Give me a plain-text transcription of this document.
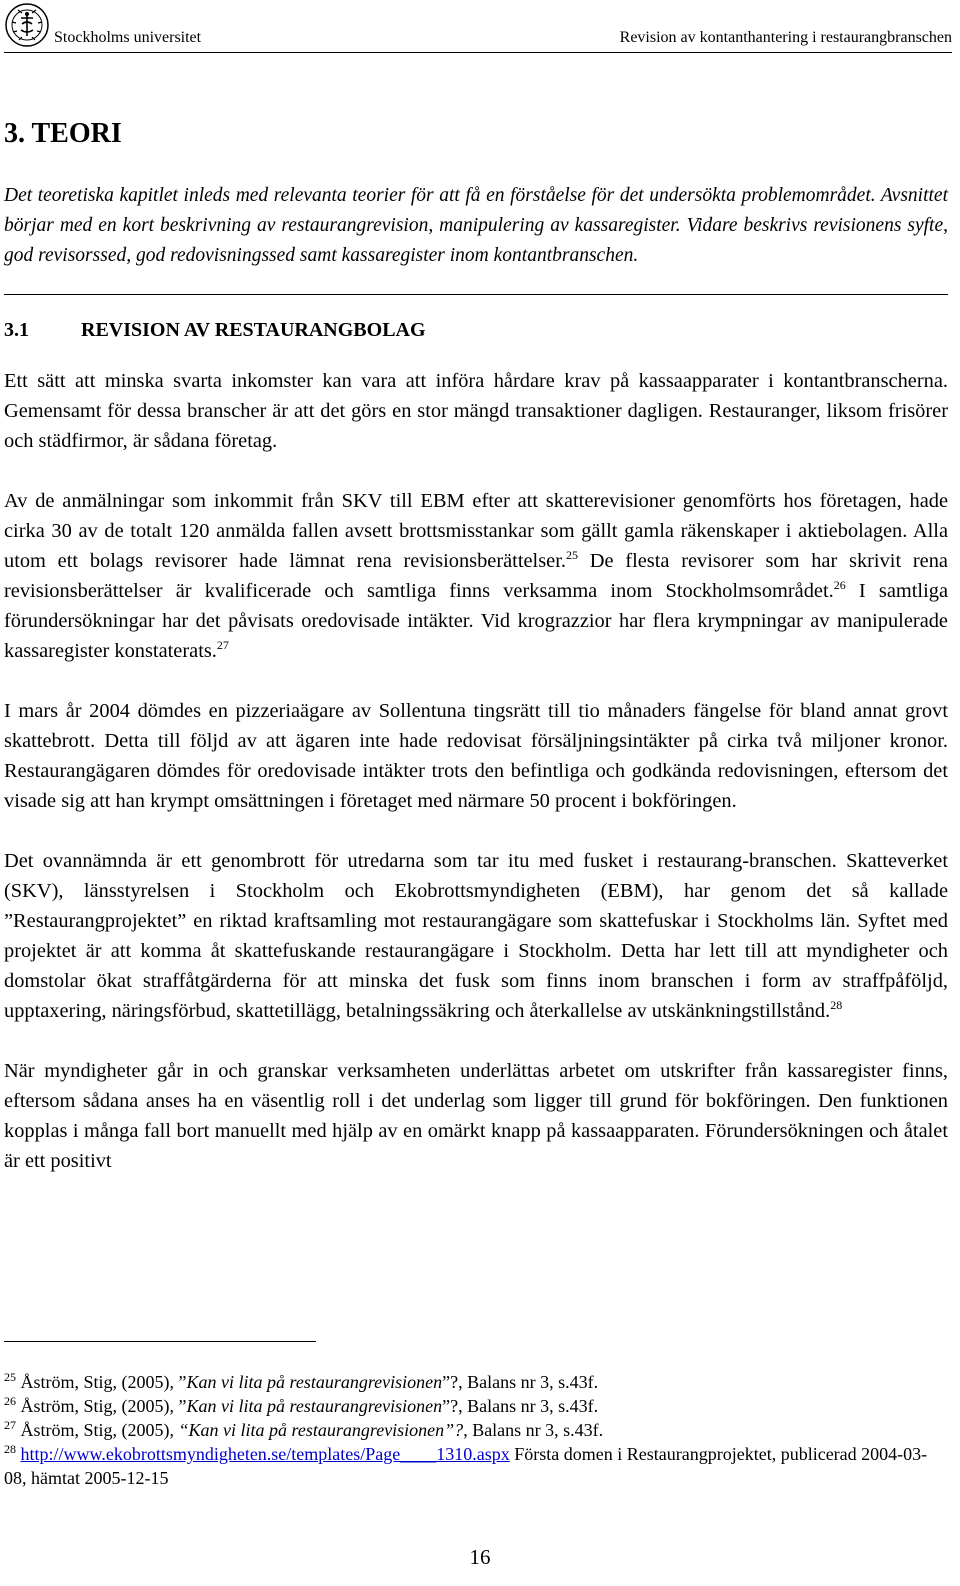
Stockholms universitet	Revision av kontanthantering i restaurangbranschen
3. TEORI

Det teoretiska kapitlet inleds med relevanta teorier för att få en förståelse för det undersökta problemområdet. Avsnittet börjar med en kort beskrivning av restaurangrevision, manipulering av kassaregister. Vidare beskrivs revisionens syfte, god revisorssed, god redovisningssed samt kassaregister inom kontantbranschen.

3.1	REVISION AV RESTAURANGBOLAG

Ett sätt att minska svarta inkomster kan vara att införa hårdare krav på kassaapparater i kontantbranscherna. Gemensamt för dessa branscher är att det görs en stor mängd transaktioner dagligen. Restauranger, liksom frisörer och städfirmor, är sådana företag.

Av de anmälningar som inkommit från SKV till EBM efter att skatterevisioner genomförts hos företagen, hade cirka 30 av de totalt 120 anmälda fallen avsett brottsmisstankar som gällt gamla räkenskaper i aktiebolagen. Alla utom ett bolags revisorer hade lämnat rena revisionsberättelser.$^{25}$ De flesta revisorer som har skrivit rena revisionsberättelser är kvalificerade och samtliga finns verksamma inom Stockholmsområdet.$^{26}$ I samtliga förundersökningar har det påvisats oredovisade intäkter. Vid krograzzior har flera krympningar av manipulerade kassaregister konstaterats.$^{27}$

I mars år 2004 dömdes en pizzeriaägare av Sollentuna tingsrätt till tio månaders fängelse för bland annat grovt skattebrott. Detta till följd av att ägaren inte hade redovisat försäljningsintäkter på cirka två miljoner kronor. Restaurangägaren dömdes för oredovisade intäkter trots den befintliga och godkända redovisningen, eftersom det visade sig att han krympt omsättningen i företaget med närmare 50 procent i bokföringen.

Det ovannämnda är ett genombrott för utredarna som tar itu med fusket i restaurang-branschen. Skatteverket (SKV), länsstyrelsen i Stockholm och Ekobrottsmyndigheten (EBM), har genom det så kallade ”Restaurangprojektet” en riktad kraftsamling mot restaurangägare som skattefuskar i Stockholms län. Syftet med projektet är att komma åt skattefuskande restaurangägare i Stockholm. Detta har lett till att myndigheter och domstolar ökat straffåtgärderna för att minska det fusk som finns inom branschen i form av straffpåföljd, upptaxering, näringsförbud, skattetillägg, betalningssäkring och återkallelse av utskänkningstillstånd.$^{28}$

När myndigheter går in och granskar verksamheten underlättas arbetet om utskrifter från kassaregister finns, eftersom sådana anses ha en väsentlig roll i det underlag som ligger till grund för bokföringen. Den funktionen kopplas i många fall bort manuellt med hjälp av en omärkt knapp på kassaapparaten. Förundersökningen och åtalet är ett positivt

$^{25}$ Åström, Stig, (2005), ”Kan vi lita på restaurangrevisionen”?, Balans nr 3, s.43f.

$^{26}$ Åström, Stig, (2005), ”Kan vi lita på restaurangrevisionen”?, Balans nr 3, s.43f.

$^{27}$ Åström, Stig, (2005), “Kan vi lita på restaurangrevisionen”?, Balans nr 3, s.43f.

$^{28}$ http://www.ekobrottsmyndigheten.se/templates/Page____1310.aspx Första domen i Restaurangprojektet, publicerad 2004-03-08, hämtat 2005-12-15

16
